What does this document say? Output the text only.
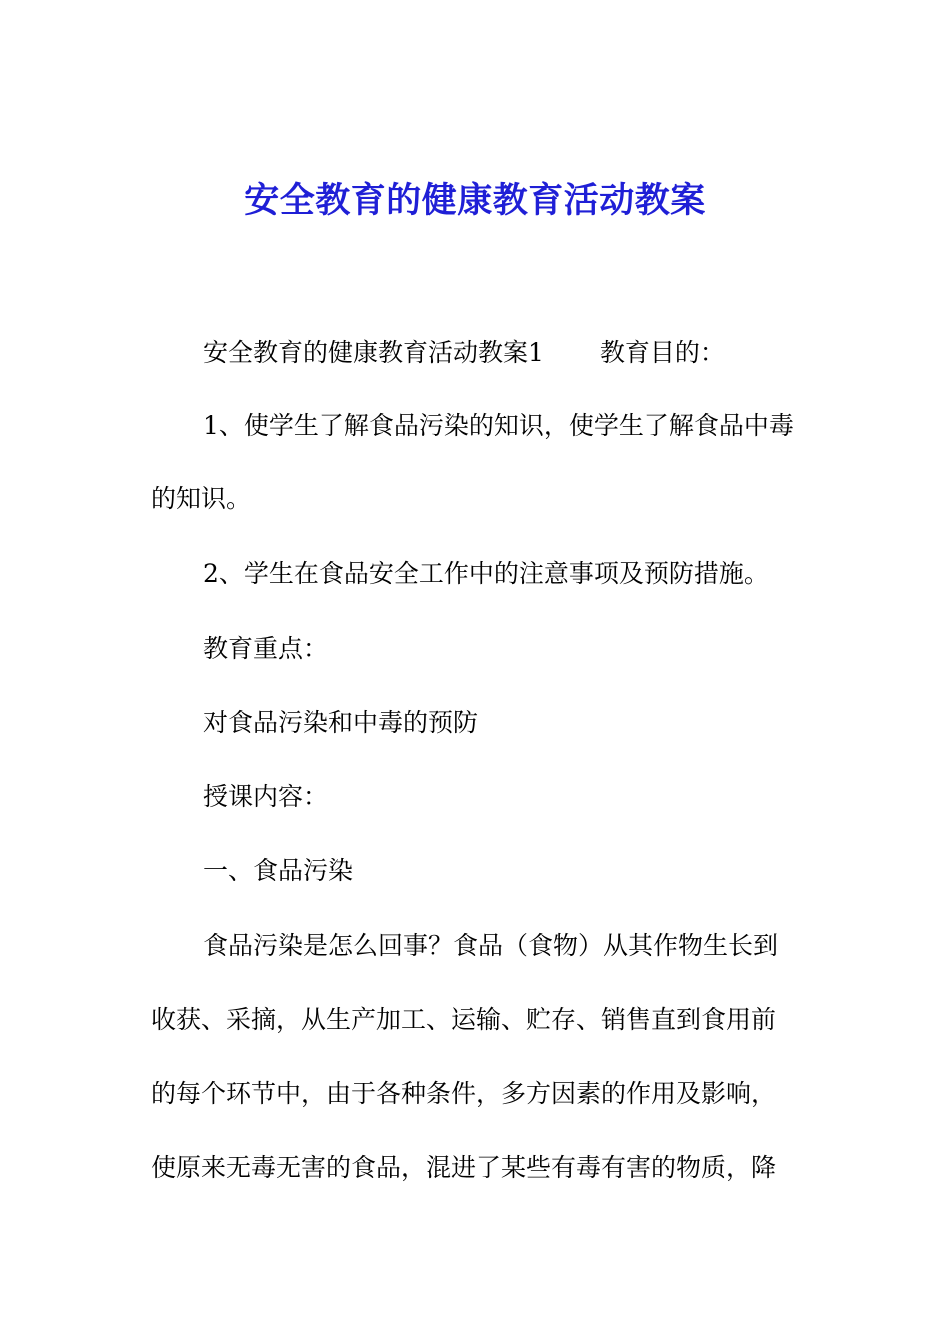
安全教育的健康教育活动教案

安全教育的健康教育活动教案1 教育目的：

1、使学生了解食品污染的知识，使学生了解食品中毒

的知识。

2、学生在食品安全工作中的注意事项及预防措施。

教育重点：

对食品污染和中毒的预防

授课内容：

一、食品污染

食品污染是怎么回事？食品（食物）从其作物生长到

收获、采摘，从生产加工、运输、贮存、销售直到食用前

的每个环节中，由于各种条件，多方因素的作用及影响，

使原来无毒无害的食品，混进了某些有毒有害的物质，降
